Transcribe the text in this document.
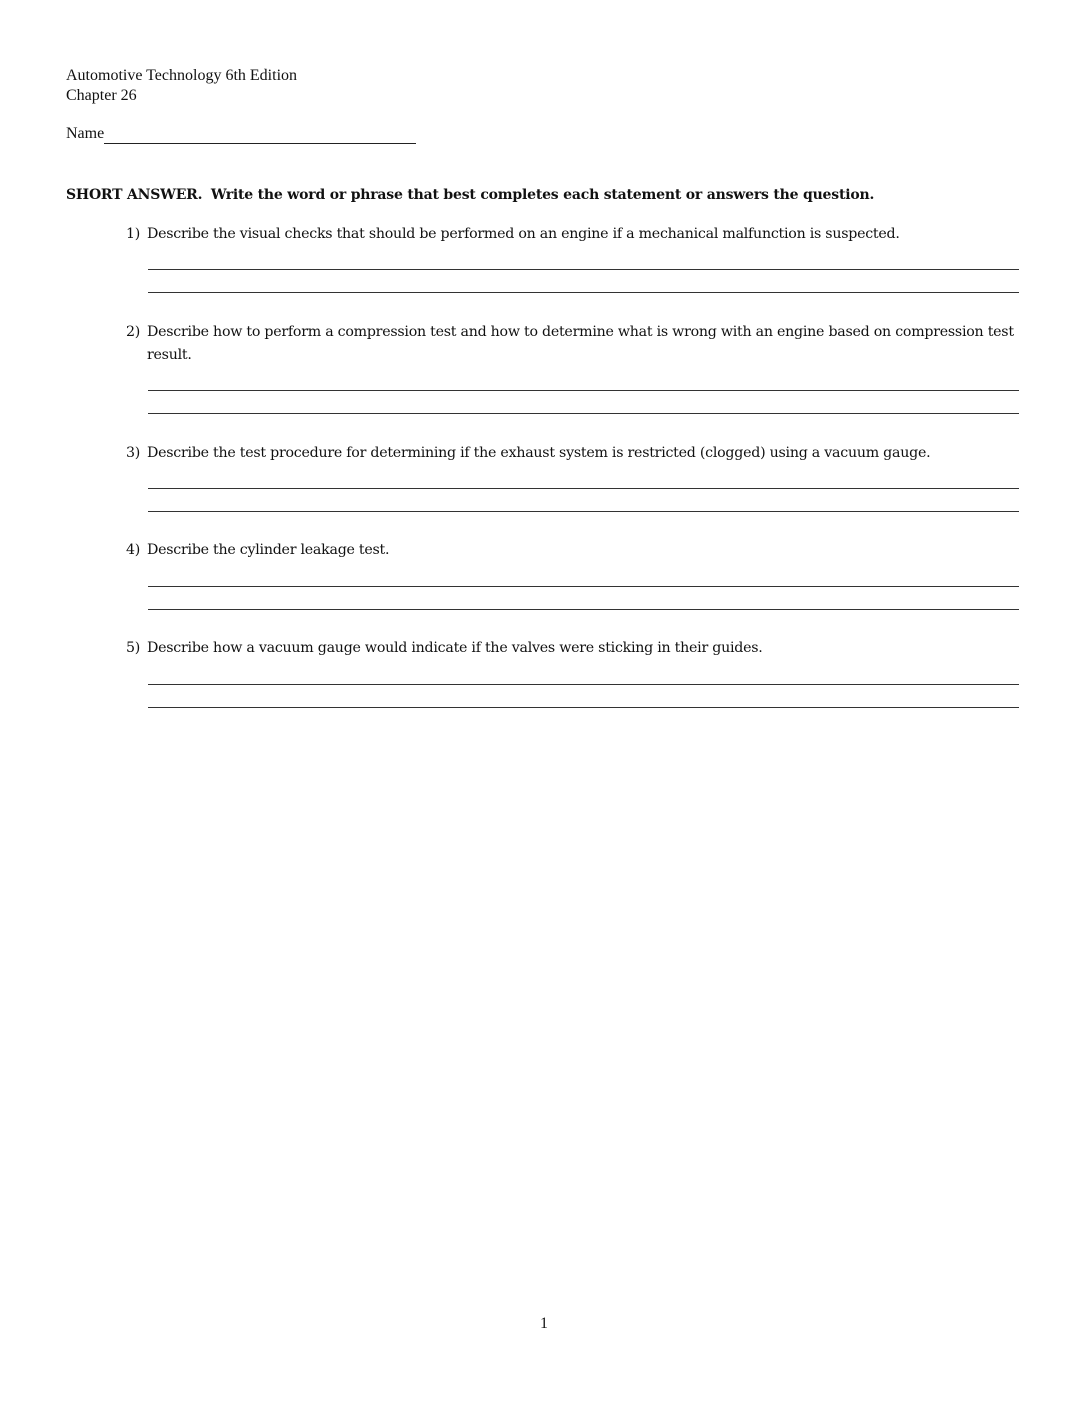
Automotive Technology 6th Edition
Chapter 26
Name
SHORT ANSWER. Write the word or phrase that best completes each statement or answers the question.
1) Describe the visual checks that should be performed on an engine if a mechanical malfunction is suspected.
2) Describe how to perform a compression test and how to determine what is wrong with an engine based on compression test result.
3) Describe the test procedure for determining if the exhaust system is restricted (clogged) using a vacuum gauge.
4) Describe the cylinder leakage test.
5) Describe how a vacuum gauge would indicate if the valves were sticking in their guides.
1
